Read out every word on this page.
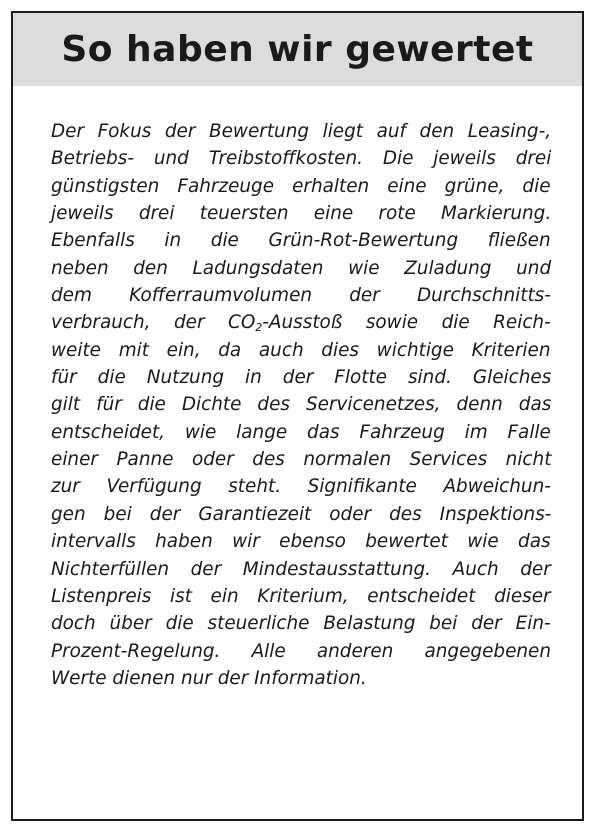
So haben wir gewertet
Der Fokus der Bewertung liegt auf den Leasing-,
Betriebs- und Treibstoffkosten. Die jeweils drei
günstigsten Fahrzeuge erhalten eine grüne, die
jeweils drei teuersten eine rote Markierung.
Ebenfalls in die Grün-Rot-Bewertung fließen
neben den Ladungsdaten wie Zuladung und
dem Kofferraumvolumen der Durchschnitts-
verbrauch, der $CO_2$-Ausstoß sowie die Reich-
weite mit ein, da auch dies wichtige Kriterien
für die Nutzung in der Flotte sind. Gleiches
gilt für die Dichte des Servicenetzes, denn das
entscheidet, wie lange das Fahrzeug im Falle
einer Panne oder des normalen Services nicht
zur Verfügung steht. Signifikante Abweichun-
gen bei der Garantiezeit oder des Inspektions-
intervalls haben wir ebenso bewertet wie das
Nichterfüllen der Mindestausstattung. Auch der
Listenpreis ist ein Kriterium, entscheidet dieser
doch über die steuerliche Belastung bei der Ein-
Prozent-Regelung. Alle anderen angegebenen
Werte dienen nur der Information.
